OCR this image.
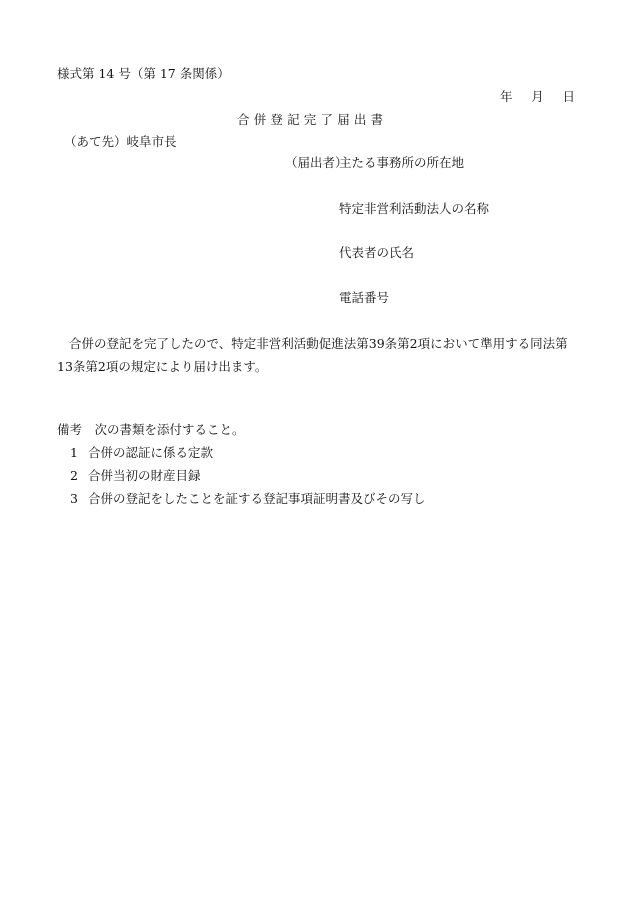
様式第 14 号（第 17 条関係）
年 月 日
合併登記完了届出書
（あて先）岐阜市長
（届出者）
主たる事務所の所在地
特定非営利活動法人の名称
代表者の氏名
電話番号
合併の登記を完了したので、特定非営利活動促進法第39条第2項において準用する同法第13条第2項の規定により届け出ます。
備考　次の書類を添付すること。
1 合併の認証に係る定款
2 合併当初の財産目録
3 合併の登記をしたことを証する登記事項証明書及びその写し
